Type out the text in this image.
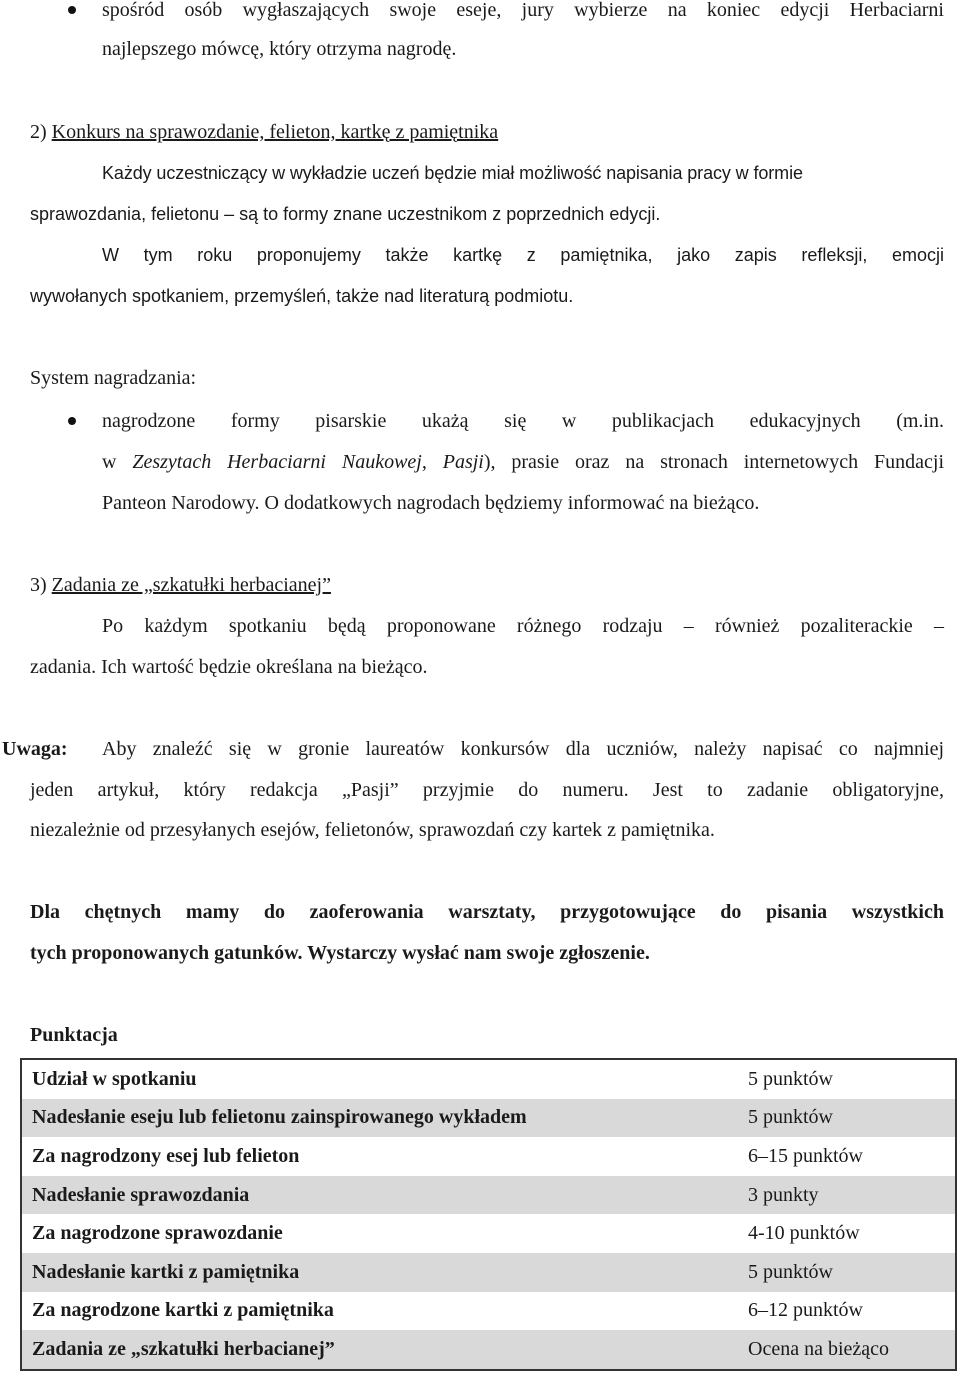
spośród osób wygłaszających swoje eseje, jury wybierze na koniec edycji Herbaciarni
najlepszego mówcę, który otrzyma nagrodę.
2) Konkurs na sprawozdanie, felieton, kartkę z pamiętnika
Każdy uczestniczący w wykładzie uczeń będzie miał możliwość napisania pracy w formie
sprawozdania, felietonu – są to formy znane uczestnikom z poprzednich edycji.
W tym roku proponujemy także kartkę z pamiętnika, jako zapis refleksji, emocji
wywołanych spotkaniem, przemyśleń, także nad literaturą podmiotu.
System nagradzania:
nagrodzone formy pisarskie ukażą się w publikacjach edukacyjnych (m.in.
w Zeszytach Herbaciarni Naukowej, Pasji), prasie oraz na stronach internetowych Fundacji
Panteon Narodowy. O dodatkowych nagrodach będziemy informować na bieżąco.
3) Zadania ze „szkatułki herbacianej”
Po każdym spotkaniu będą proponowane różnego rodzaju – również pozaliterackie –
zadania. Ich wartość będzie określana na bieżąco.
Uwaga: Aby znaleźć się w gronie laureatów konkursów dla uczniów, należy napisać co najmniej
jeden artykuł, który redakcja „Pasji” przyjmie do numeru. Jest to zadanie obligatoryjne,
niezależnie od przesyłanych esejów, felietonów, sprawozdań czy kartek z pamiętnika.
Dla chętnych mamy do zaoferowania warsztaty, przygotowujące do pisania wszystkich
tych proponowanych gatunków. Wystarczy wysłać nam swoje zgłoszenie.
Punktacja
Udział w spotkaniu	5 punktów
Nadesłanie eseju lub felietonu zainspirowanego wykładem	5 punktów
Za nagrodzony esej lub felieton	6–15 punktów
Nadesłanie sprawozdania	3 punkty
Za nagrodzone sprawozdanie	4-10 punktów
Nadesłanie kartki z pamiętnika	5 punktów
Za nagrodzone kartki z pamiętnika	6–12 punktów
Zadania ze „szkatułki herbacianej”	Ocena na bieżąco
